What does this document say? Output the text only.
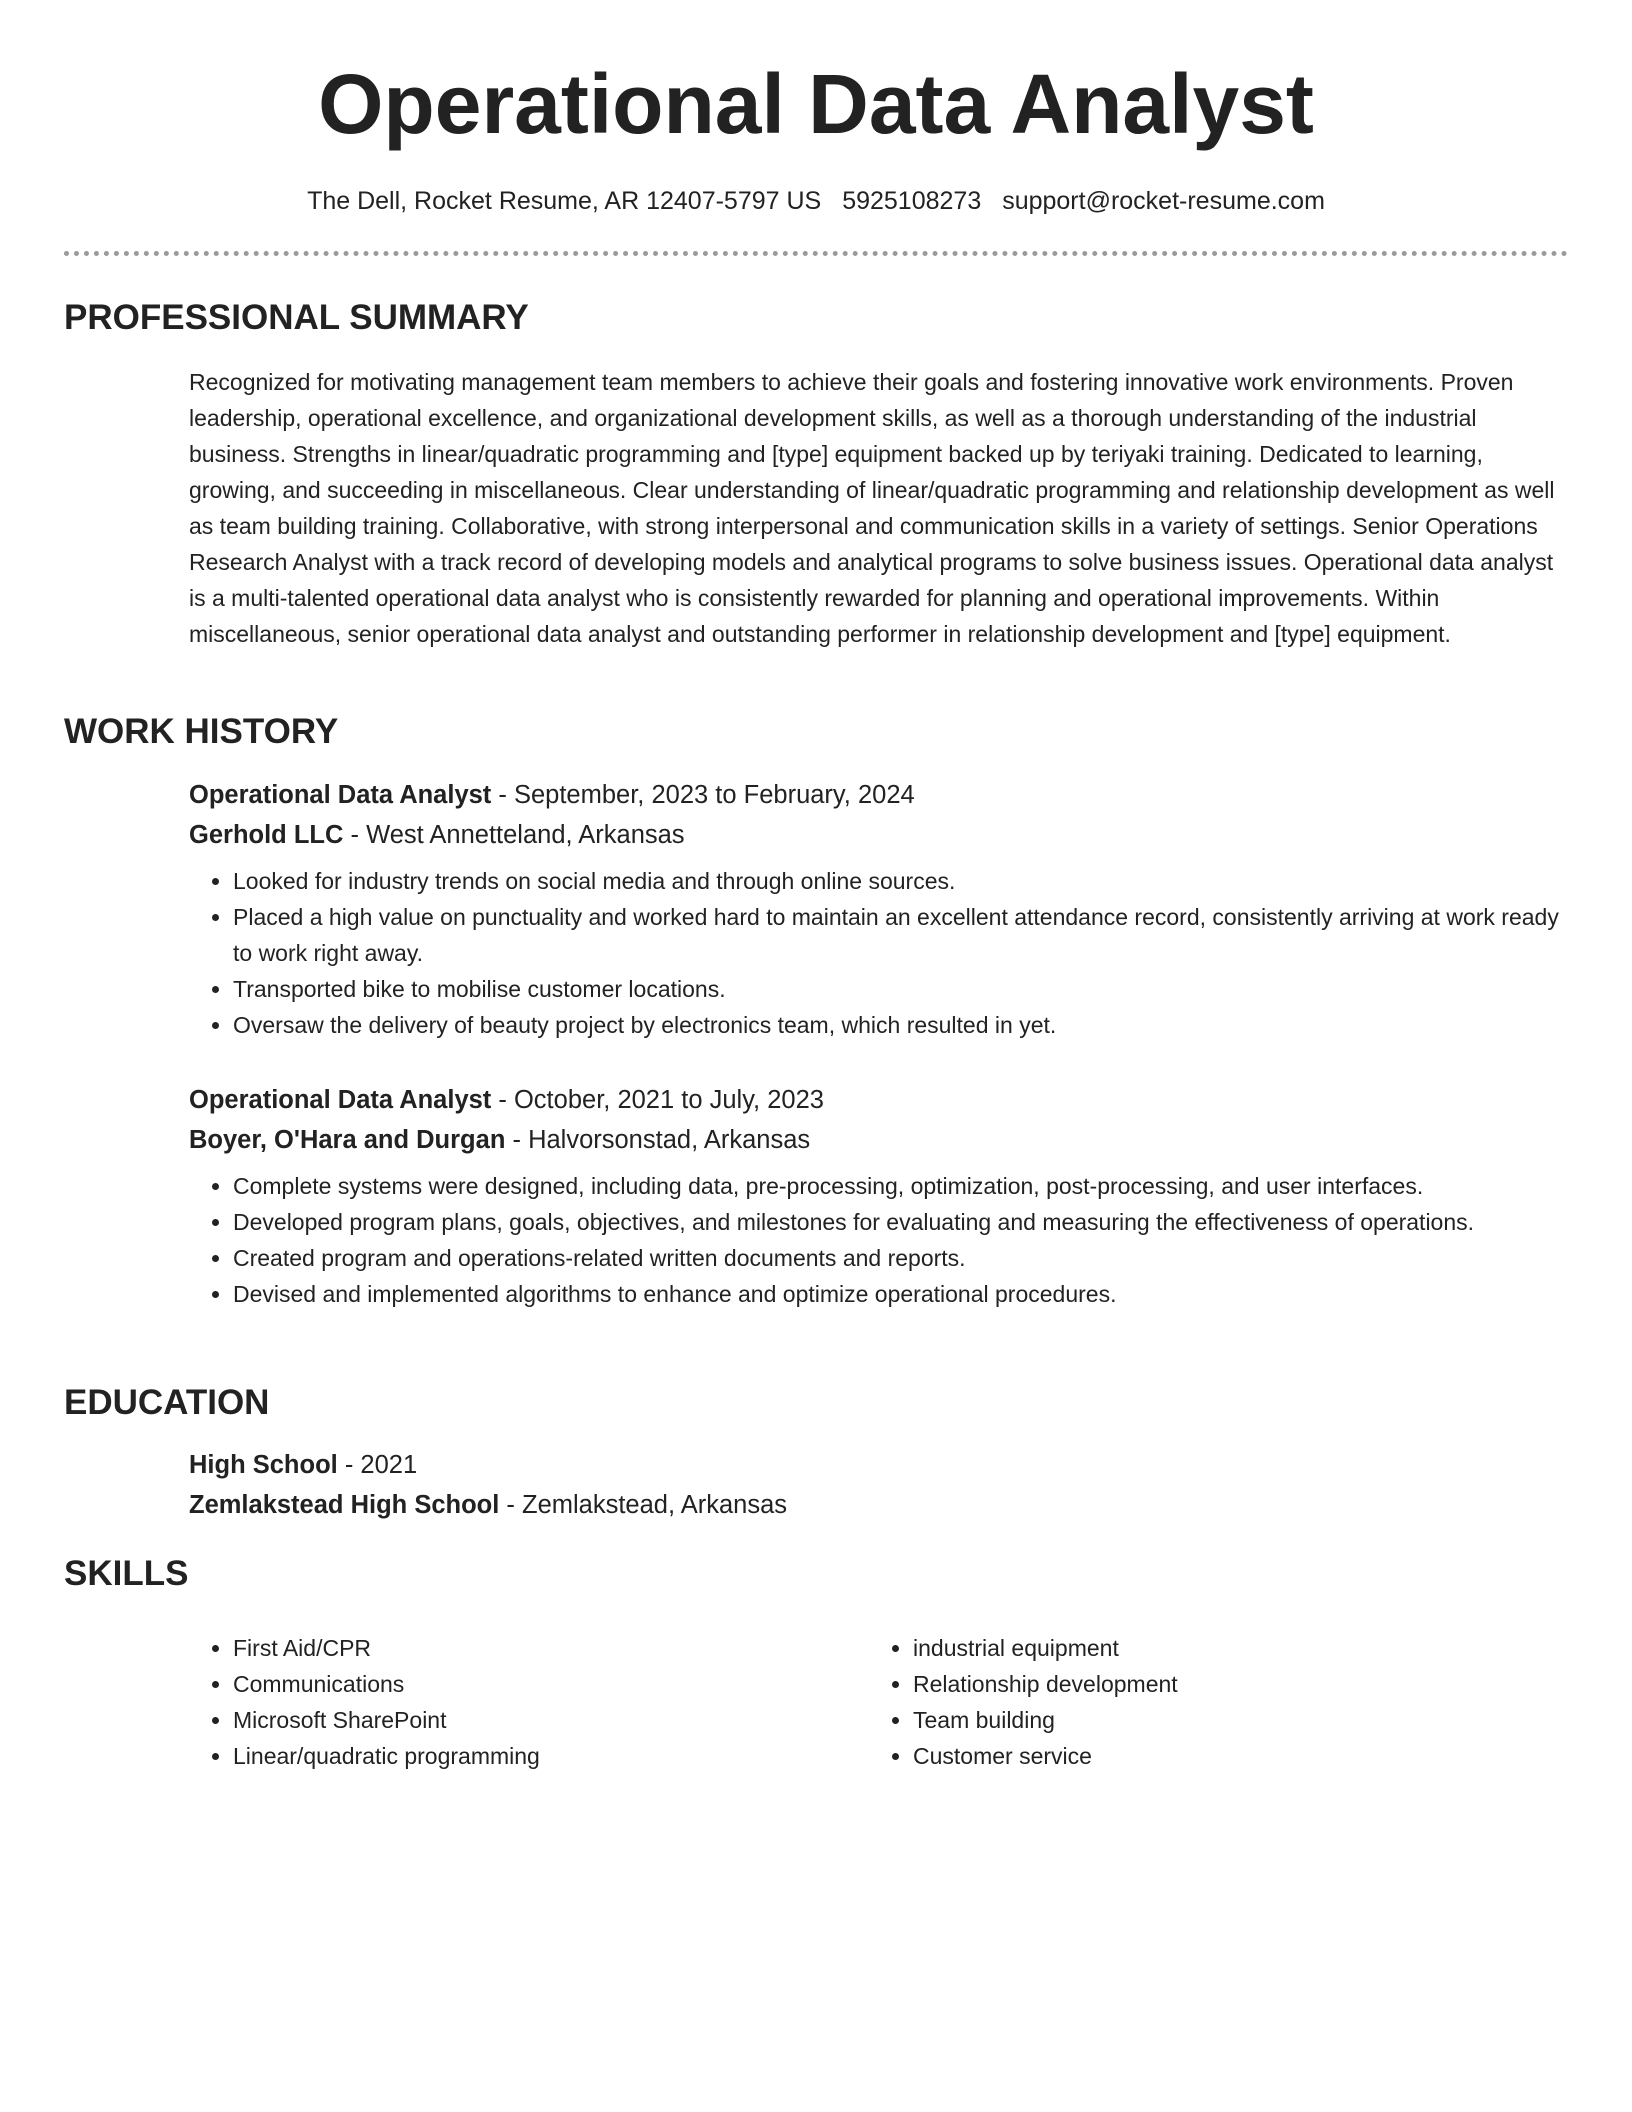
Operational Data Analyst
The Dell, Rocket Resume, AR 12407-5797 US 5925108273 support@rocket-resume.com
PROFESSIONAL SUMMARY

Recognized for motivating management team members to achieve their goals and fostering innovative work environments. Proven leadership, operational excellence, and organizational development skills, as well as a thorough understanding of the industrial business. Strengths in linear/quadratic programming and [type] equipment backed up by teriyaki training. Dedicated to learning, growing, and succeeding in miscellaneous. Clear understanding of linear/quadratic programming and relationship development as well as team building training. Collaborative, with strong interpersonal and communication skills in a variety of settings. Senior Operations Research Analyst with a track record of developing models and analytical programs to solve business issues. Operational data analyst is a multi-talented operational data analyst who is consistently rewarded for planning and operational improvements. Within miscellaneous, senior operational data analyst and outstanding performer in relationship development and [type] equipment.

WORK HISTORY
Operational Data Analyst - September, 2023 to February, 2024
Gerhold LLC - West Annetteland, Arkansas
• Looked for industry trends on social media and through online sources.
• Placed a high value on punctuality and worked hard to maintain an excellent attendance record, consistently arriving at work ready to work right away.
• Transported bike to mobilise customer locations.
• Oversaw the delivery of beauty project by electronics team, which resulted in yet.
Operational Data Analyst - October, 2021 to July, 2023
Boyer, O'Hara and Durgan - Halvorsonstad, Arkansas
• Complete systems were designed, including data, pre-processing, optimization, post-processing, and user interfaces.
• Developed program plans, goals, objectives, and milestones for evaluating and measuring the effectiveness of operations.
• Created program and operations-related written documents and reports.
• Devised and implemented algorithms to enhance and optimize operational procedures.
EDUCATION
High School - 2021
Zemlakstead High School - Zemlakstead, Arkansas
SKILLS
• First Aid/CPR
• Communications
• Microsoft SharePoint
• Linear/quadratic programming
• industrial equipment
• Relationship development
• Team building
• Customer service
